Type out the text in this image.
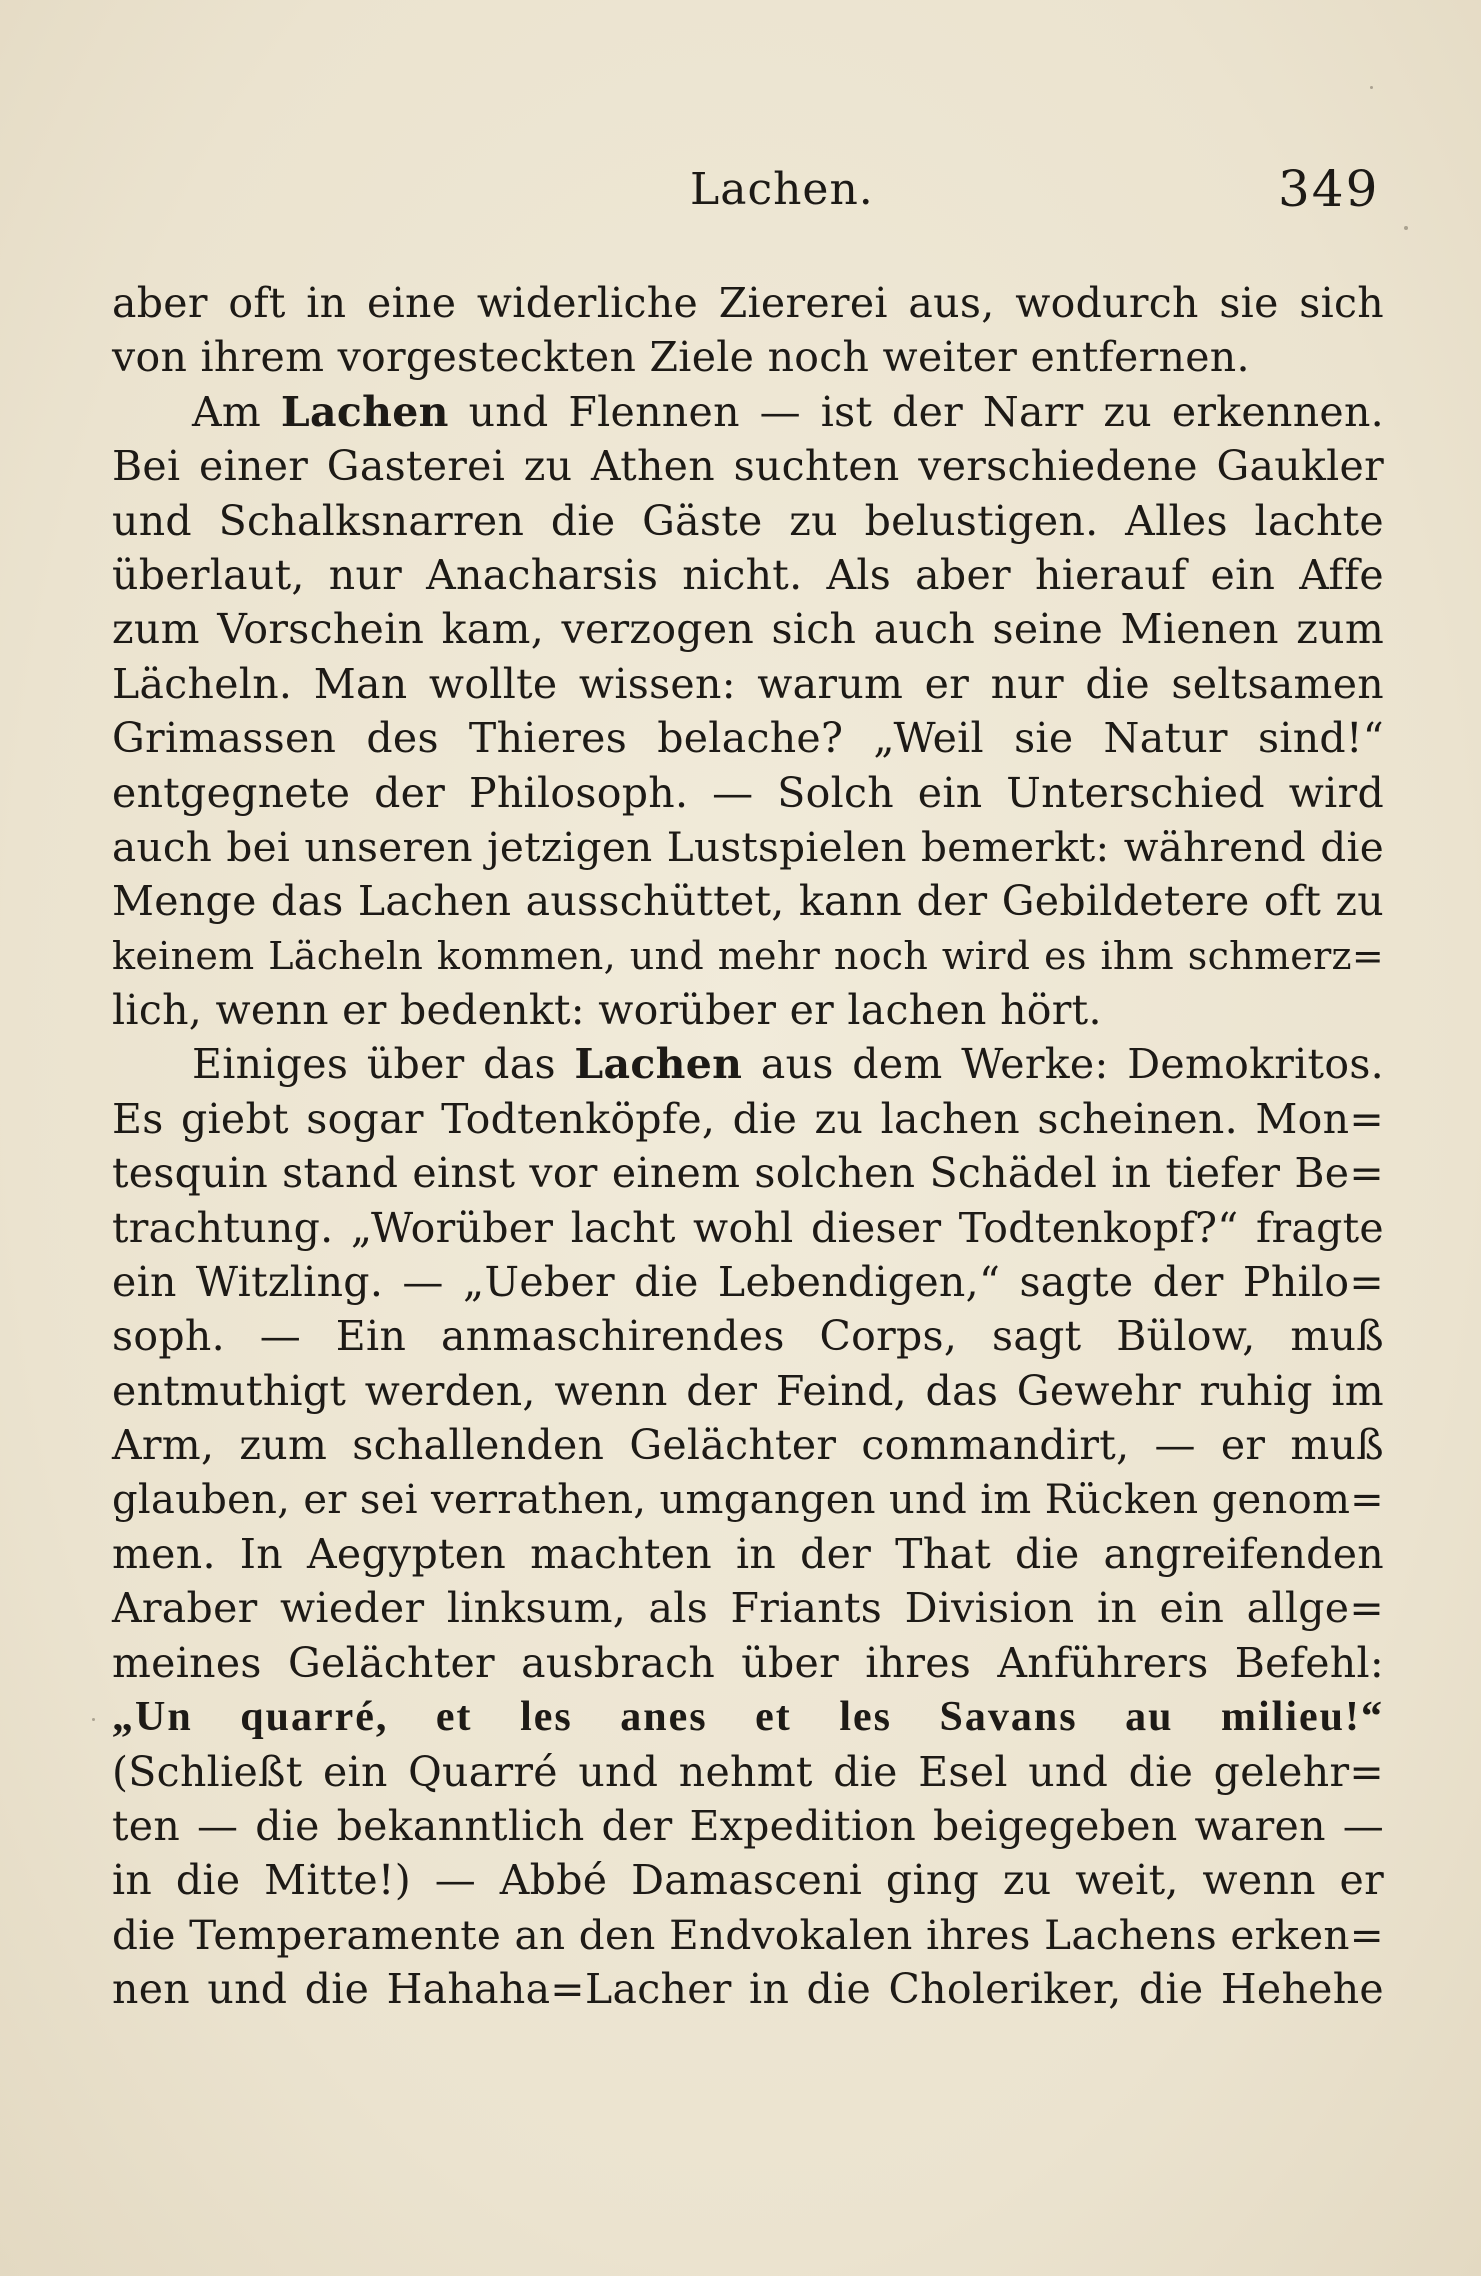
Lachen.	349
aber oft in eine widerliche Ziererei aus, wodurch sie sich
von ihrem vorgesteckten Ziele noch weiter entfernen.
Am Lachen und Flennen — ist der Narr zu erkennen.
Bei einer Gasterei zu Athen suchten verschiedene Gaukler
und Schalksnarren die Gäste zu belustigen. Alles lachte
überlaut, nur Anacharsis nicht. Als aber hierauf ein Affe
zum Vorschein kam, verzogen sich auch seine Mienen zum
Lächeln. Man wollte wissen: warum er nur die seltsamen
Grimassen des Thieres belache? „Weil sie Natur sind!“
entgegnete der Philosoph. — Solch ein Unterschied wird
auch bei unseren jetzigen Lustspielen bemerkt: während die
Menge das Lachen ausschüttet, kann der Gebildetere oft zu
keinem Lächeln kommen, und mehr noch wird es ihm schmerz=
lich, wenn er bedenkt: worüber er lachen hört.
Einiges über das Lachen aus dem Werke: Demokritos.
Es giebt sogar Todtenköpfe, die zu lachen scheinen. Mon=
tesquin stand einst vor einem solchen Schädel in tiefer Be=
trachtung. „Worüber lacht wohl dieser Todtenkopf?“ fragte
ein Witzling. — „Ueber die Lebendigen,“ sagte der Philo=
soph. — Ein anmaschirendes Corps, sagt Bülow, muß
entmuthigt werden, wenn der Feind, das Gewehr ruhig im
Arm, zum schallenden Gelächter commandirt, — er muß
glauben, er sei verrathen, umgangen und im Rücken genom=
men. In Aegypten machten in der That die angreifenden
Araber wieder linksum, als Friants Division in ein allge=
meines Gelächter ausbrach über ihres Anführers Befehl:
„Un quarré, et les anes et les Savans au milieu!“
(Schließt ein Quarré und nehmt die Esel und die gelehr=
ten — die bekanntlich der Expedition beigegeben waren —
in die Mitte!) — Abbé Damasceni ging zu weit, wenn er
die Temperamente an den Endvokalen ihres Lachens erken=
nen und die Hahaha=Lacher in die Choleriker, die Hehehe
